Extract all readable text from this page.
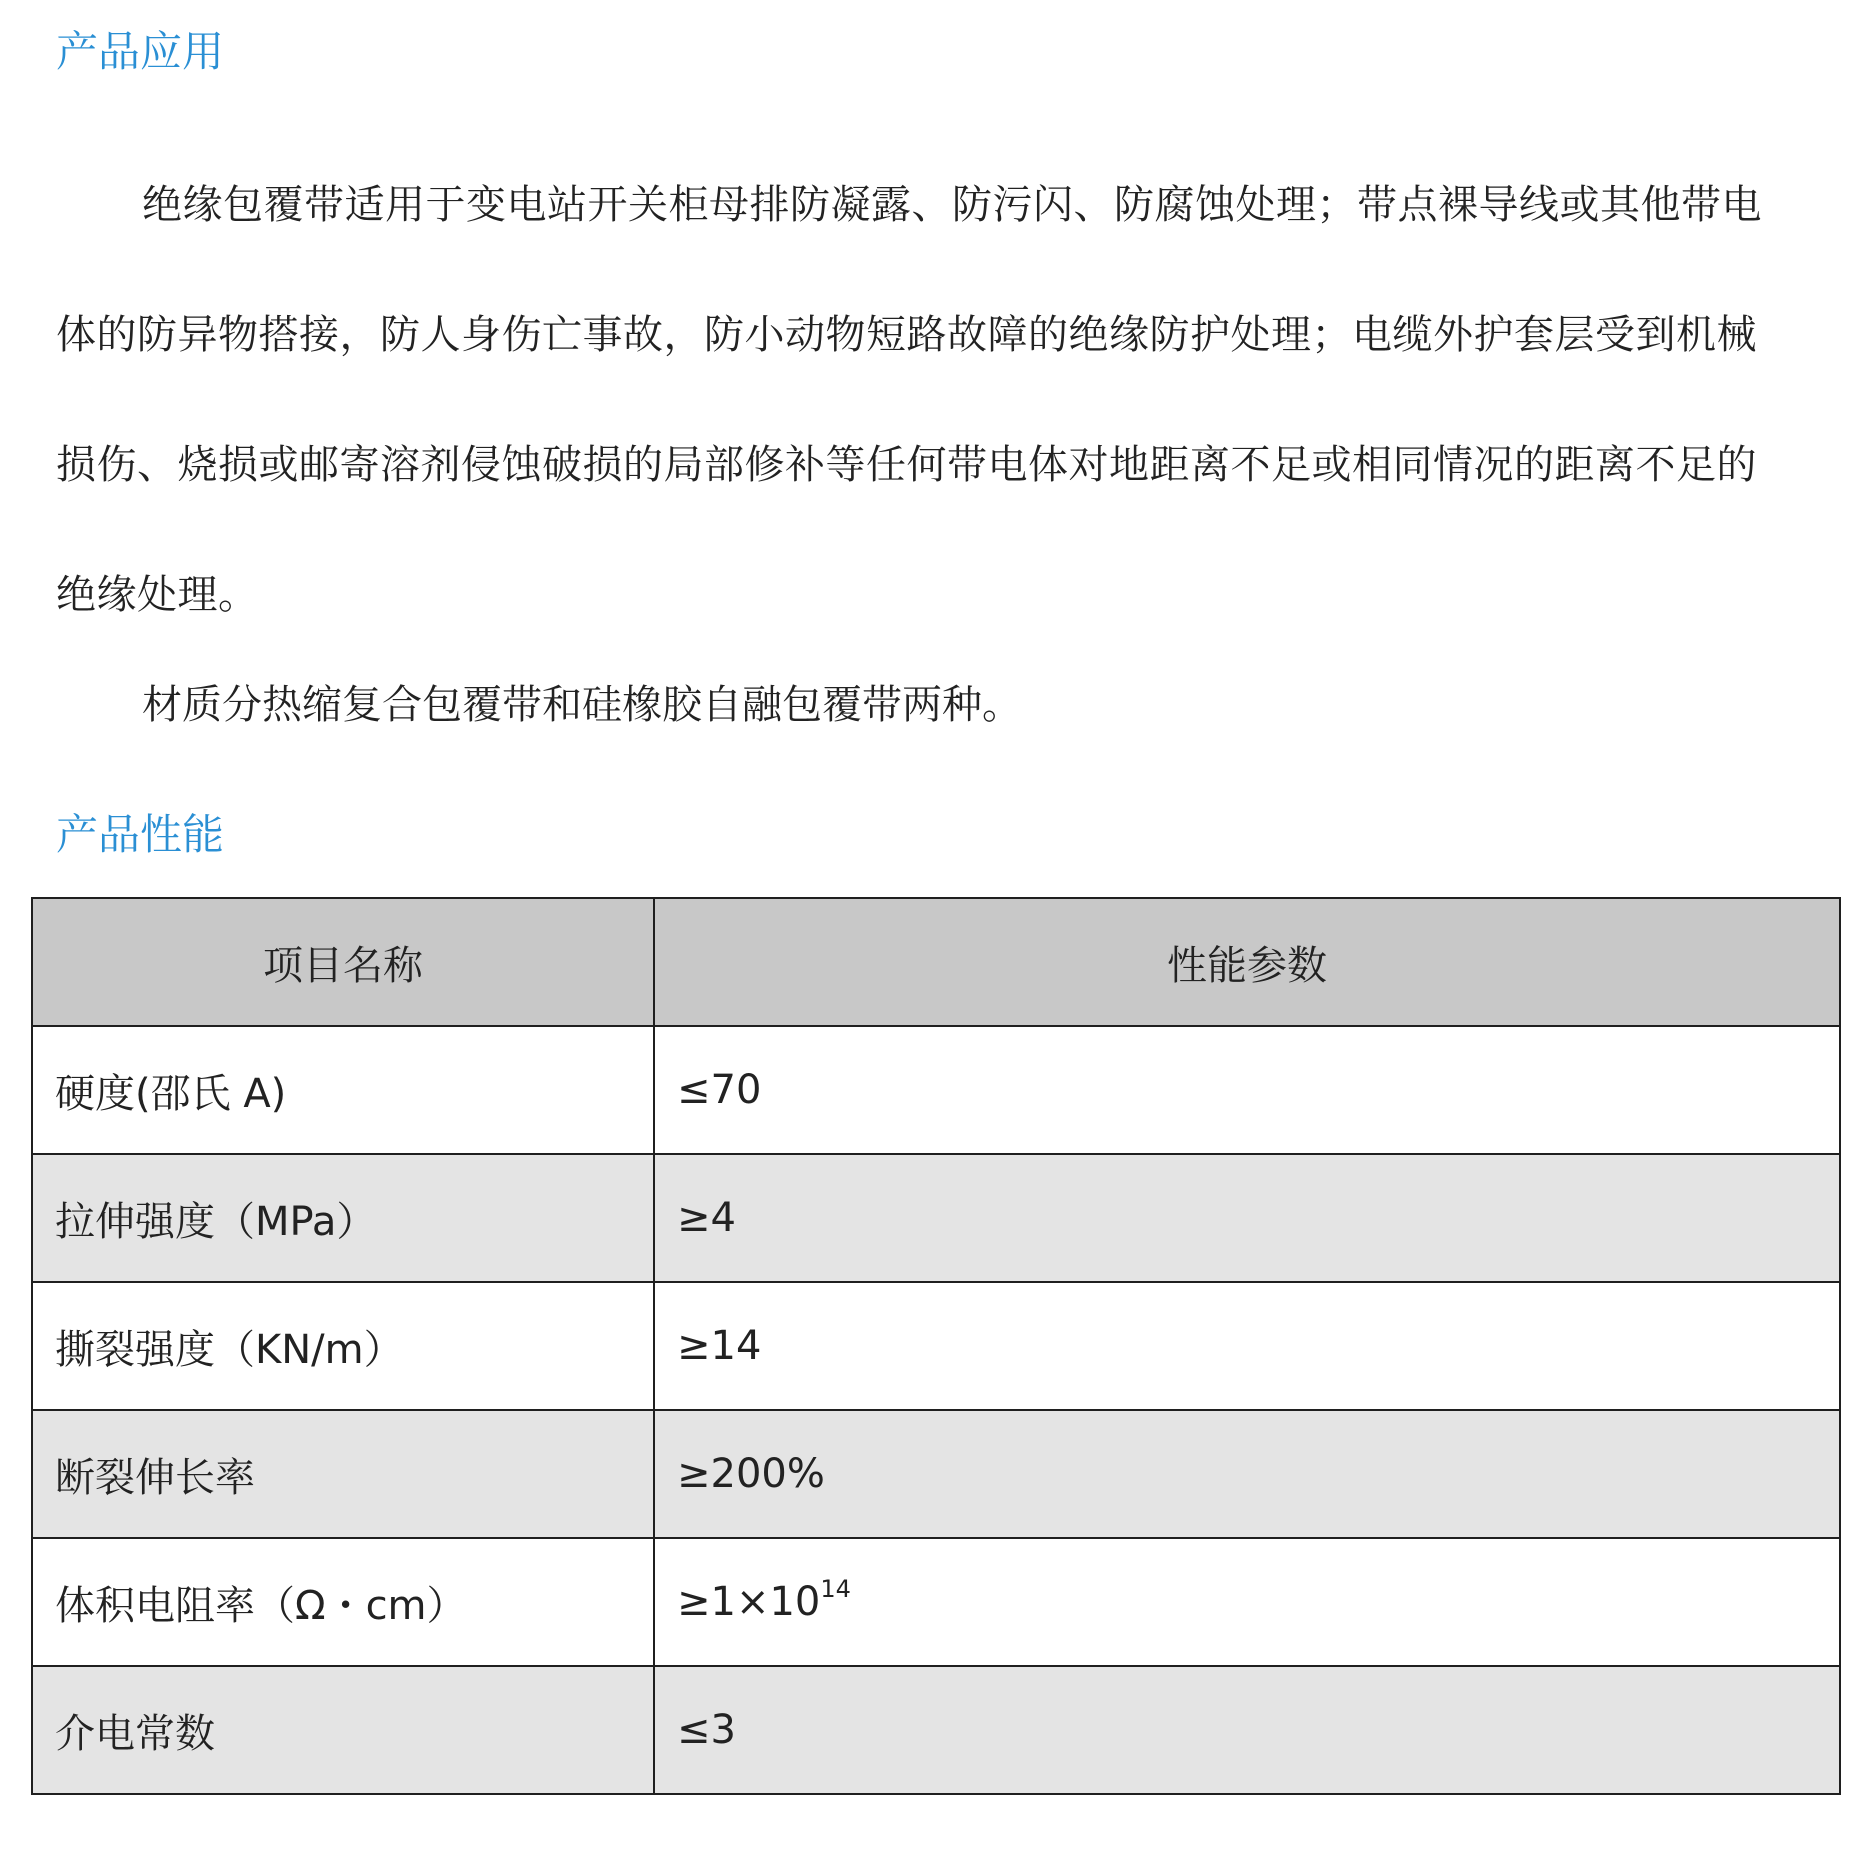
产品应用

绝缘包覆带适用于变电站开关柜母排防凝露、防污闪、防腐蚀处理；带点裸导线或其他带电体的防异物搭接，防人身伤亡事故，防小动物短路故障的绝缘防护处理；电缆外护套层受到机械损伤、烧损或邮寄溶剂侵蚀破损的局部修补等任何带电体对地距离不足或相同情况的距离不足的绝缘处理。

材质分热缩复合包覆带和硅橡胶自融包覆带两种。

产品性能
项目名称	性能参数
硬度(邵氏 A)	≤70
拉伸强度（MPa）	≥4
撕裂强度（KN/m）	≥14
断裂伸长率	≥200%
体积电阻率（Ω・cm）	$\ge 1\times 10^{14}$
介电常数	≤3
